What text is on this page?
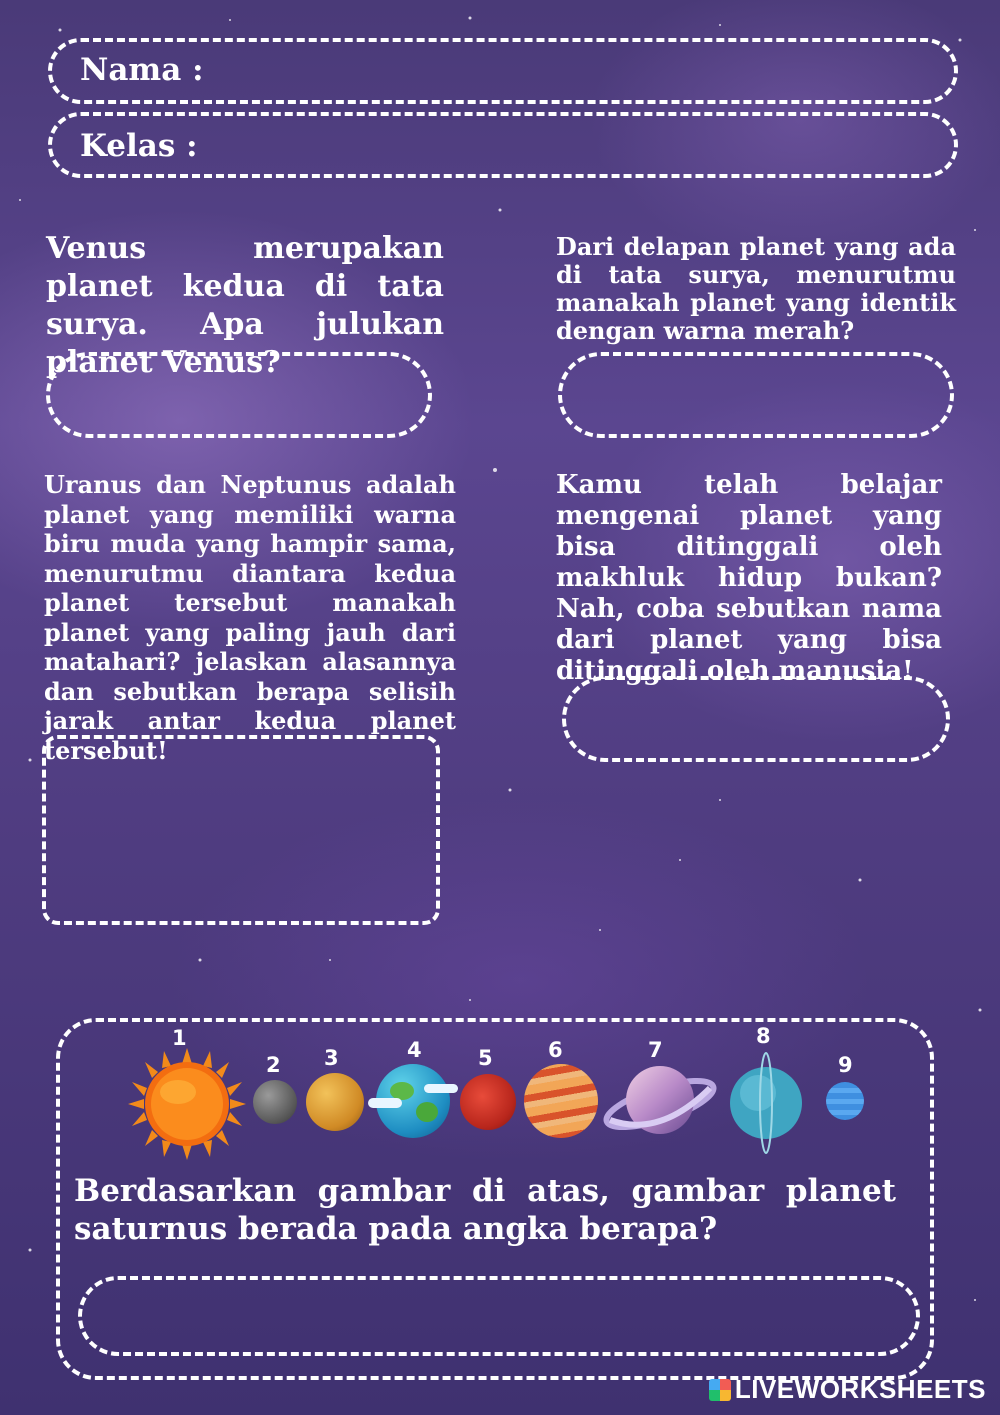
Nama :
Kelas :
Venus merupakan planet kedua di tata surya. Apa julukan planet Venus?
Dari delapan planet yang ada di tata surya, menurutmu manakah planet yang identik dengan warna merah?
Uranus dan Neptunus adalah planet yang memiliki warna biru muda yang hampir sama, menurutmu diantara kedua planet tersebut manakah planet yang paling jauh dari matahari? jelaskan alasannya dan sebutkan berapa selisih jarak antar kedua planet tersebut!
Kamu telah belajar mengenai planet yang bisa ditinggali oleh makhluk hidup bukan? Nah, coba sebutkan nama dari planet yang bisa ditinggali oleh manusia!
1
2 3	4	5	6	7
8
9
Berdasarkan gambar di atas, gambar planet saturnus berada pada angka berapa?
LIVEWORKSHEETS
